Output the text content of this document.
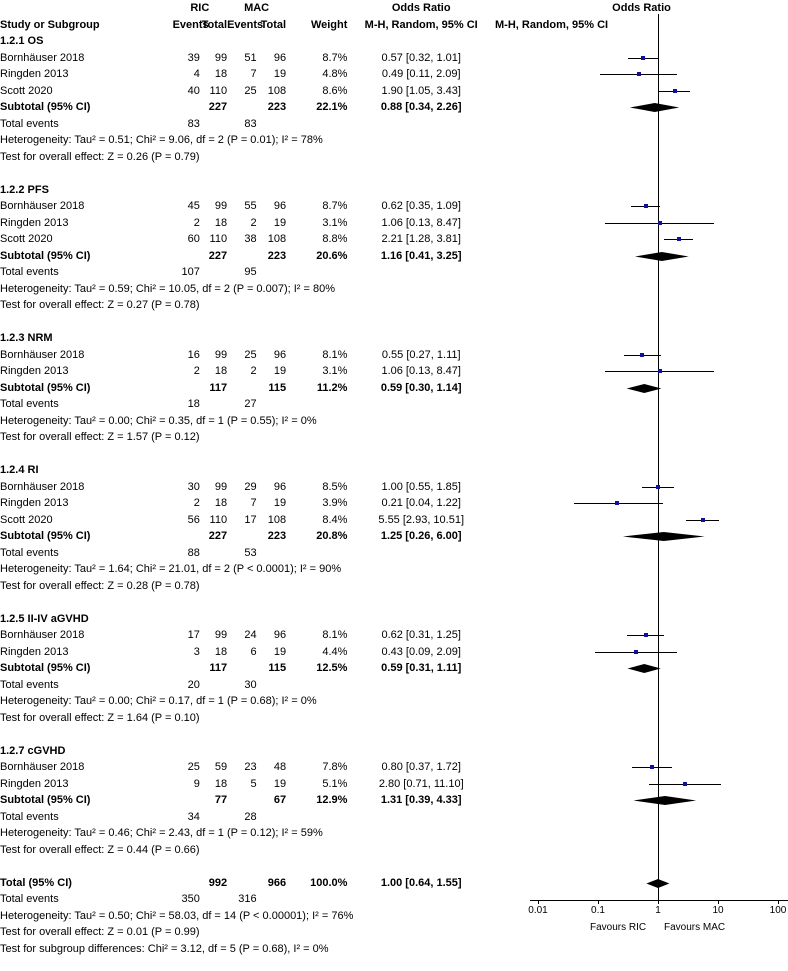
	RIC		MAC			Odds Ratio	Odds Ratio
Study or Subgroup	Events	Total	Events	Total	Weight	M-H, Random, 95% CI	M-H, Random, 95% CI
1.2.1 OS							
Bornhäuser 2018	39	99	51	96	8.7%	0.57 [0.32, 1.01]	
Ringden 2013	4	18	7	19	4.8%	0.49 [0.11, 2.09]	
Scott 2020	40	110	25	108	8.6%	1.90 [1.05, 3.43]	
Subtotal (95% CI)		227		223	22.1%	0.88 [0.34, 2.26]	
Total events	83		83				
Heterogeneity: Tau² = 0.51; Chi² = 9.06, df = 2 (P = 0.01); I² = 78%							
Test for overall effect: Z = 0.26 (P = 0.79)							

1.2.2 PFS							
Bornhäuser 2018	45	99	55	96	8.7%	0.62 [0.35, 1.09]	
Ringden 2013	2	18	2	19	3.1%	1.06 [0.13, 8.47]	
Scott 2020	60	110	38	108	8.8%	2.21 [1.28, 3.81]	
Subtotal (95% CI)		227		223	20.6%	1.16 [0.41, 3.25]	
Total events	107		95				
Heterogeneity: Tau² = 0.59; Chi² = 10.05, df = 2 (P = 0.007); I² = 80%							
Test for overall effect: Z = 0.27 (P = 0.78)							

1.2.3 NRM							
Bornhäuser 2018	16	99	25	96	8.1%	0.55 [0.27, 1.11]	
Ringden 2013	2	18	2	19	3.1%	1.06 [0.13, 8.47]	
Subtotal (95% CI)		117		115	11.2%	0.59 [0.30, 1.14]	
Total events	18		27				
Heterogeneity: Tau² = 0.00; Chi² = 0.35, df = 1 (P = 0.55); I² = 0%							
Test for overall effect: Z = 1.57 (P = 0.12)							

1.2.4 RI							
Bornhäuser 2018	30	99	29	96	8.5%	1.00 [0.55, 1.85]	
Ringden 2013	2	18	7	19	3.9%	0.21 [0.04, 1.22]	
Scott 2020	56	110	17	108	8.4%	5.55 [2.93, 10.51]	
Subtotal (95% CI)		227		223	20.8%	1.25 [0.26, 6.00]	
Total events	88		53				
Heterogeneity: Tau² = 1.64; Chi² = 21.01, df = 2 (P < 0.0001); I² = 90%							
Test for overall effect: Z = 0.28 (P = 0.78)							

1.2.5 II-IV aGVHD							
Bornhäuser 2018	17	99	24	96	8.1%	0.62 [0.31, 1.25]	
Ringden 2013	3	18	6	19	4.4%	0.43 [0.09, 2.09]	
Subtotal (95% CI)		117		115	12.5%	0.59 [0.31, 1.11]	
Total events	20		30				
Heterogeneity: Tau² = 0.00; Chi² = 0.17, df = 1 (P = 0.68); I² = 0%							
Test for overall effect: Z = 1.64 (P = 0.10)							

1.2.7 cGVHD							
Bornhäuser 2018	25	59	23	48	7.8%	0.80 [0.37, 1.72]	
Ringden 2013	9	18	5	19	5.1%	2.80 [0.71, 11.10]	
Subtotal (95% CI)		77		67	12.9%	1.31 [0.39, 4.33]	
Total events	34		28				
Heterogeneity: Tau² = 0.46; Chi² = 2.43, df = 1 (P = 0.12); I² = 59%							
Test for overall effect: Z = 0.44 (P = 0.66)							

Total (95% CI)		992		966	100.0%	1.00 [0.64, 1.55]	
Total events	350		316				
Heterogeneity: Tau² = 0.50; Chi² = 58.03, df = 14 (P < 0.00001); I² = 76%							
Test for overall effect: Z = 0.01 (P = 0.99)							
Test for subgroup differences: Chi² = 3.12, df = 5 (P = 0.68), I² = 0%							
0.01	0.1	1	10	100
Favours RIC Favours MAC
